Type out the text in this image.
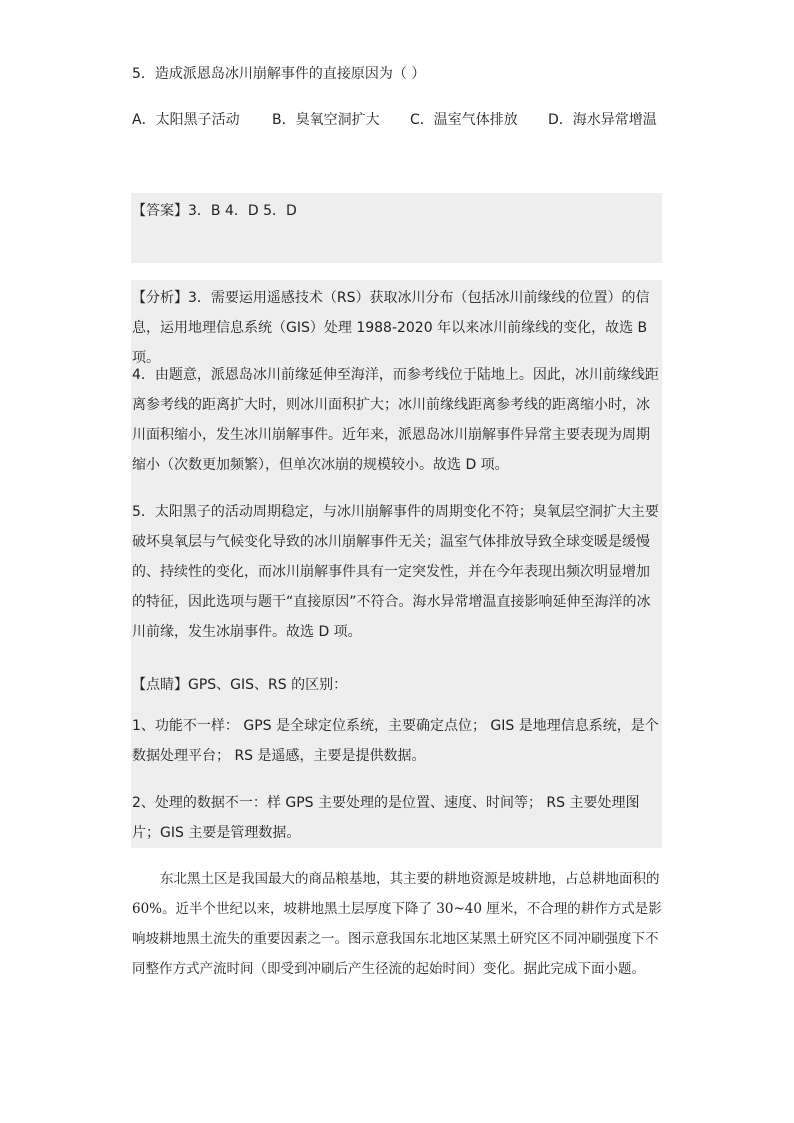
5．造成派恩岛冰川崩解事件的直接原因为（ ）
A．太阳黑子活动 B．臭氧空洞扩大 C．温室气体排放 D．海水异常增温
【答案】3．B 4．D 5．D
【分析】3．需要运用遥感技术（RS）获取冰川分布（包括冰川前缘线的位置）的信息，运用地理信息系统（GIS）处理 1988-2020 年以来冰川前缘线的变化，故选 B 项。
4．由题意，派恩岛冰川前缘延伸至海洋，而参考线位于陆地上。因此，冰川前缘线距离参考线的距离扩大时，则冰川面积扩大；冰川前缘线距离参考线的距离缩小时，冰川面积缩小，发生冰川崩解事件。近年来，派恩岛冰川崩解事件异常主要表现为周期缩小（次数更加频繁），但单次冰崩的规模较小。故选 D 项。
5．太阳黑子的活动周期稳定，与冰川崩解事件的周期变化不符；臭氧层空洞扩大主要破坏臭氧层与气候变化导致的冰川崩解事件无关；温室气体排放导致全球变暖是缓慢的、持续性的变化，而冰川崩解事件具有一定突发性，并在今年表现出频次明显增加的特征，因此选项与题干“直接原因”不符合。海水异常增温直接影响延伸至海洋的冰川前缘，发生冰崩事件。故选 D 项。
【点睛】GPS、GIS、RS 的区别：
1、功能不一样： GPS 是全球定位系统，主要确定点位； GIS 是地理信息系统，是个数据处理平台； RS 是遥感，主要是提供数据。
2、处理的数据不一：样 GPS 主要处理的是位置、速度、时间等； RS 主要处理图片；GIS 主要是管理数据。
东北黑土区是我国最大的商品粮基地，其主要的耕地资源是坡耕地，占总耕地面积的 60%。近半个世纪以来，坡耕地黑土层厚度下降了 30~40 厘米，不合理的耕作方式是影响坡耕地黑土流失的重要因素之一。图示意我国东北地区某黑土研究区不同冲刷强度下不同整作方式产流时间（即受到冲刷后产生径流的起始时间）变化。据此完成下面小题。
